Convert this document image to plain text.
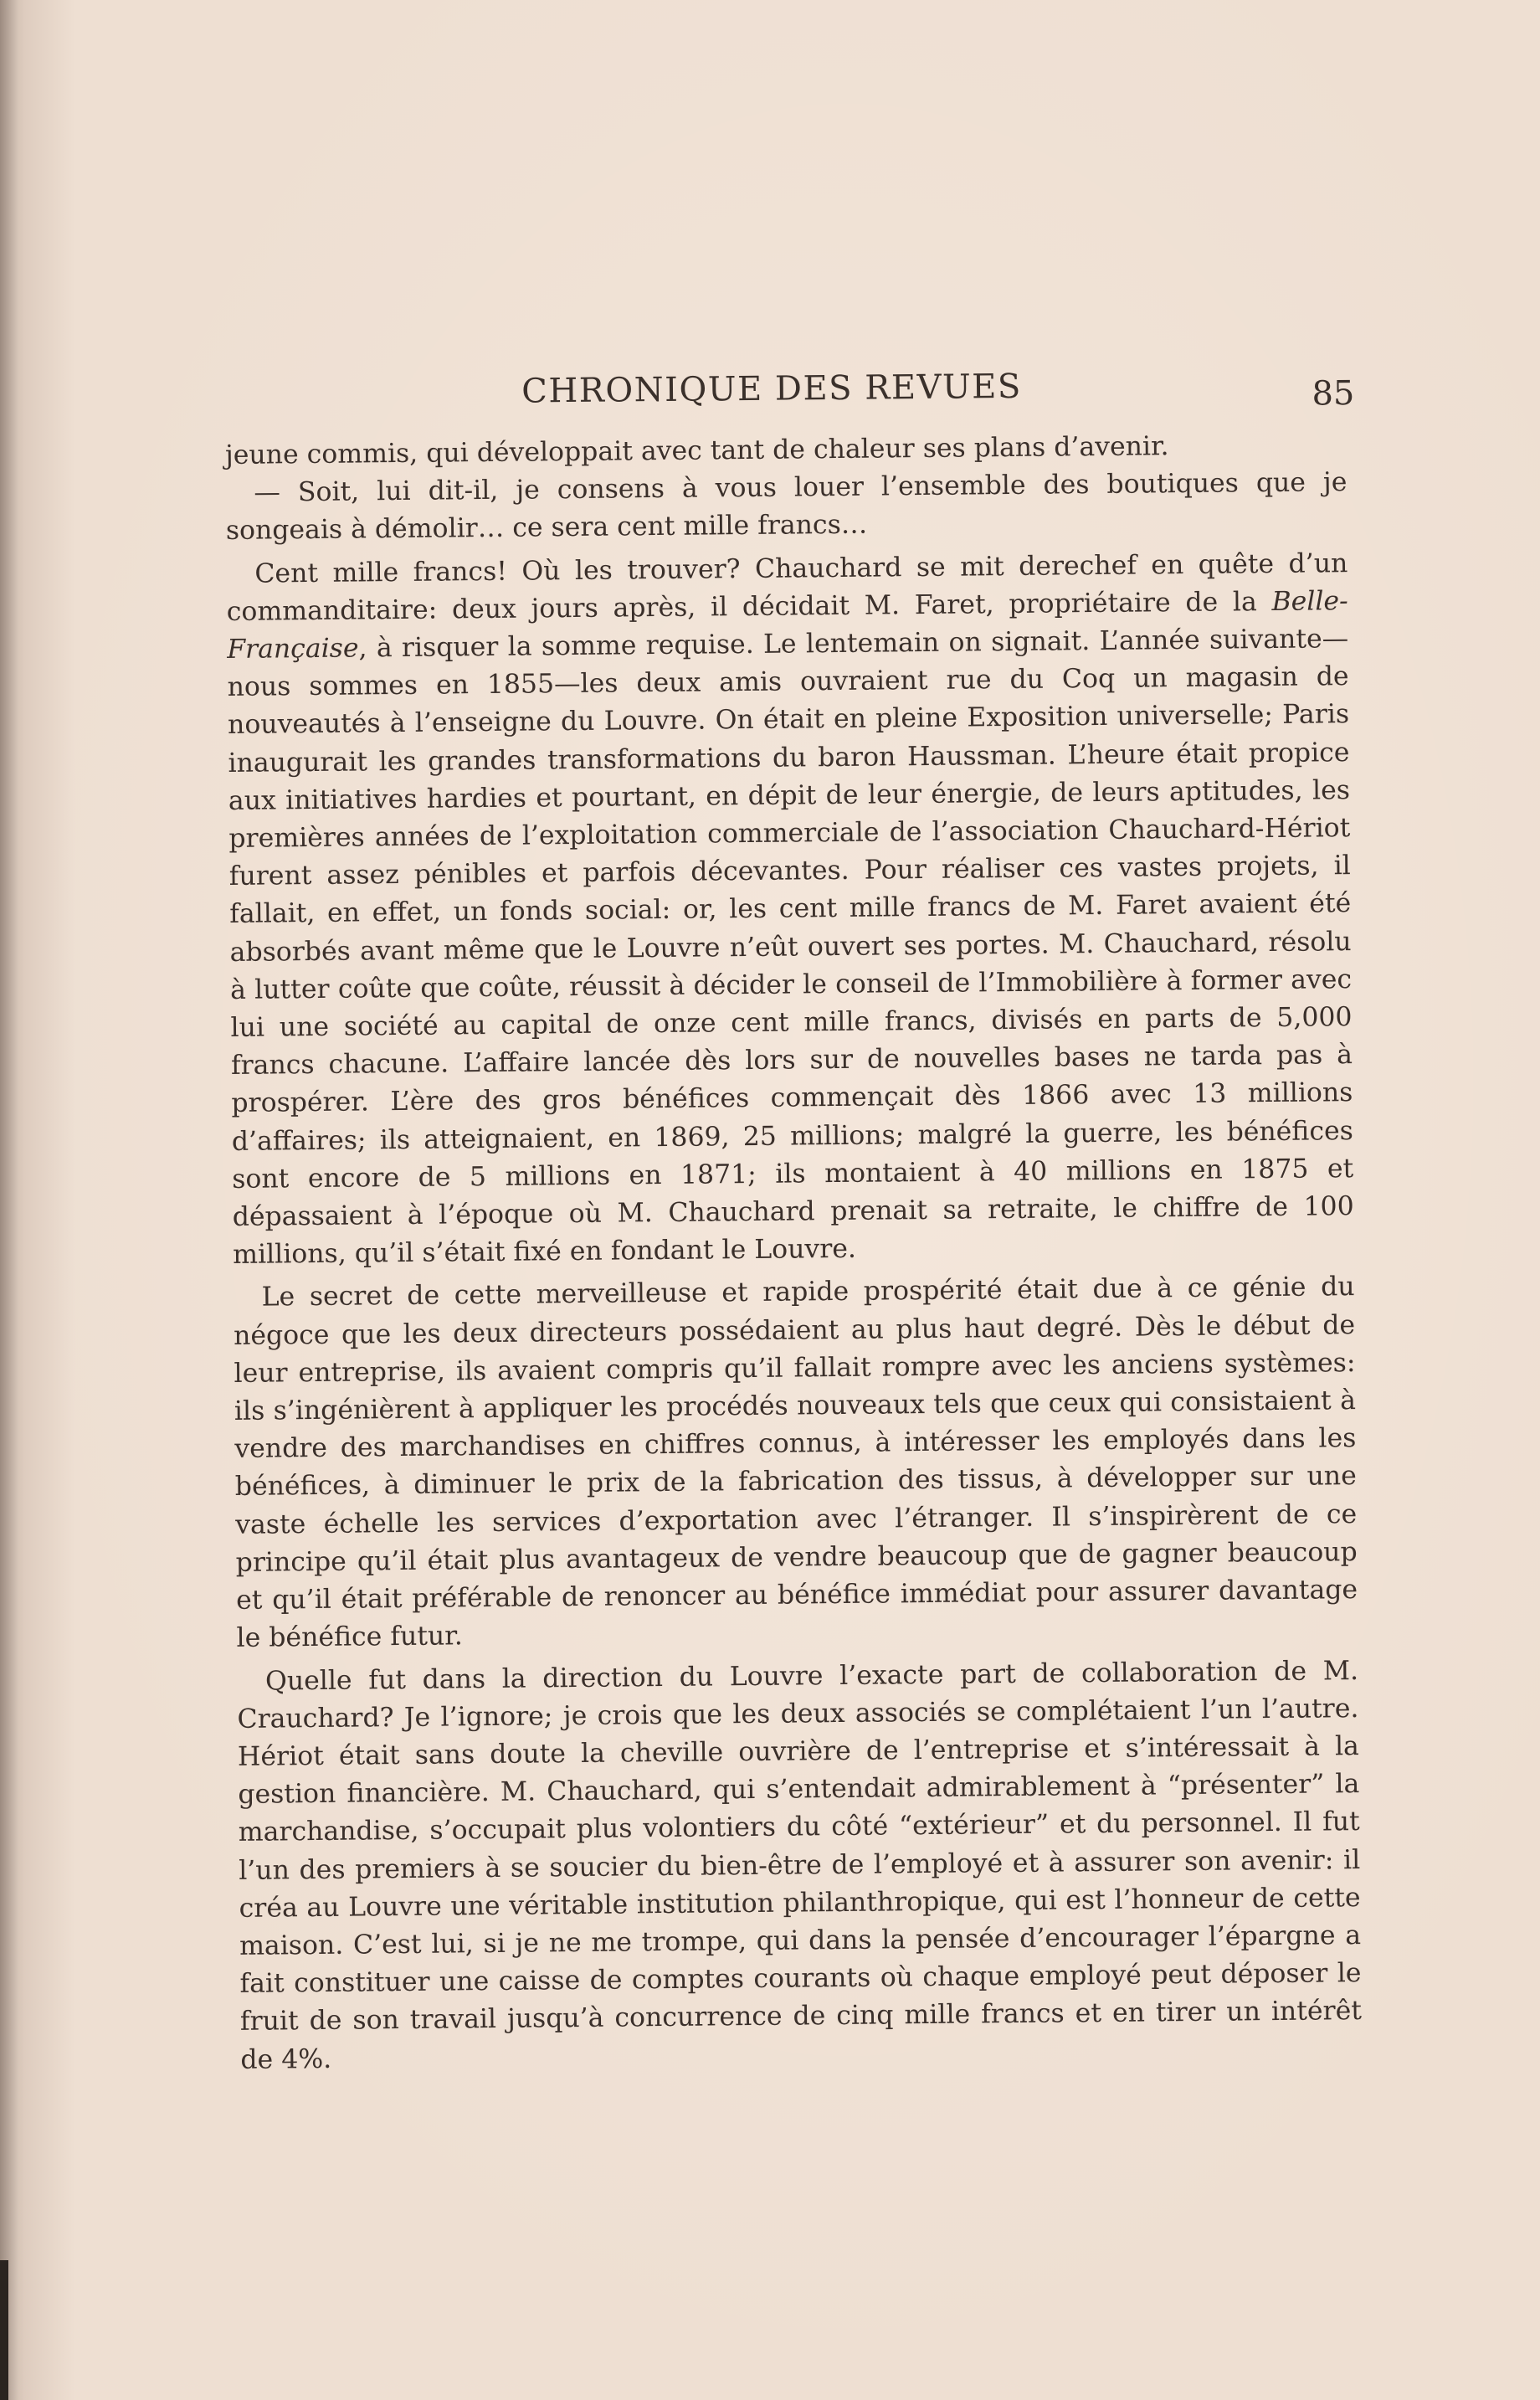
CHRONIQUE DES REVUES	85

jeune commis, qui développait avec tant de chaleur ses plans d’avenir.

— Soit, lui dit-il, je consens à vous louer l’ensemble des boutiques que je songeais à démolir… ce sera cent mille francs…

Cent mille francs! Où les trouver? Chauchard se mit derechef en quête d’un commanditaire: deux jours après, il décidait M. Faret, propriétaire de la Belle-Française, à risquer la somme requise. Le lentemain on signait. L’année suivante—nous sommes en 1855—les deux amis ouvraient rue du Coq un magasin de nouveautés à l’enseigne du Louvre. On était en pleine Exposition universelle; Paris inaugurait les grandes transformations du baron Haussman. L’heure était propice aux initiatives hardies et pourtant, en dépit de leur énergie, de leurs aptitudes, les premières années de l’exploitation commerciale de l’association Chauchard-Hériot furent assez pénibles et parfois décevantes. Pour réaliser ces vastes projets, il fallait, en effet, un fonds social: or, les cent mille francs de M. Faret avaient été absorbés avant même que le Louvre n’eût ouvert ses portes. M. Chauchard, résolu à lutter coûte que coûte, réussit à décider le conseil de l’Immobilière à former avec lui une société au capital de onze cent mille francs, divisés en parts de 5,000 francs chacune. L’affaire lancée dès lors sur de nouvelles bases ne tarda pas à prospérer. L’ère des gros bénéfices commençait dès 1866 avec 13 millions d’affaires; ils atteignaient, en 1869, 25 millions; malgré la guerre, les bénéfices sont encore de 5 millions en 1871; ils montaient à 40 millions en 1875 et dépassaient à l’époque où M. Chauchard prenait sa retraite, le chiffre de 100 millions, qu’il s’était fixé en fondant le Louvre.

Le secret de cette merveilleuse et rapide prospérité était due à ce génie du négoce que les deux directeurs possédaient au plus haut degré. Dès le début de leur entreprise, ils avaient compris qu’il fallait rompre avec les anciens systèmes: ils s’ingénièrent à appliquer les procédés nouveaux tels que ceux qui consistaient à vendre des marchandises en chiffres connus, à intéresser les employés dans les bénéfices, à diminuer le prix de la fabrication des tissus, à développer sur une vaste échelle les services d’exportation avec l’étranger. Il s’inspirèrent de ce principe qu’il était plus avantageux de vendre beaucoup que de gagner beaucoup et qu’il était préférable de renoncer au bénéfice immédiat pour assurer davantage le bénéfice futur.

Quelle fut dans la direction du Louvre l’exacte part de collaboration de M. Crauchard? Je l’ignore; je crois que les deux associés se complétaient l’un l’autre. Hériot était sans doute la cheville ouvrière de l’entreprise et s’intéressait à la gestion financière. M. Chauchard, qui s’entendait admirablement à “présenter” la marchandise, s’occupait plus volontiers du côté “extérieur” et du personnel. Il fut l’un des premiers à se soucier du bien-être de l’employé et à assurer son avenir: il créa au Louvre une véritable institution philanthropique, qui est l’honneur de cette maison. C’est lui, si je ne me trompe, qui dans la pensée d’encourager l’épargne a fait constituer une caisse de comptes courants où chaque employé peut déposer le fruit de son travail jusqu’à concurrence de cinq mille francs et en tirer un intérêt de 4%.
